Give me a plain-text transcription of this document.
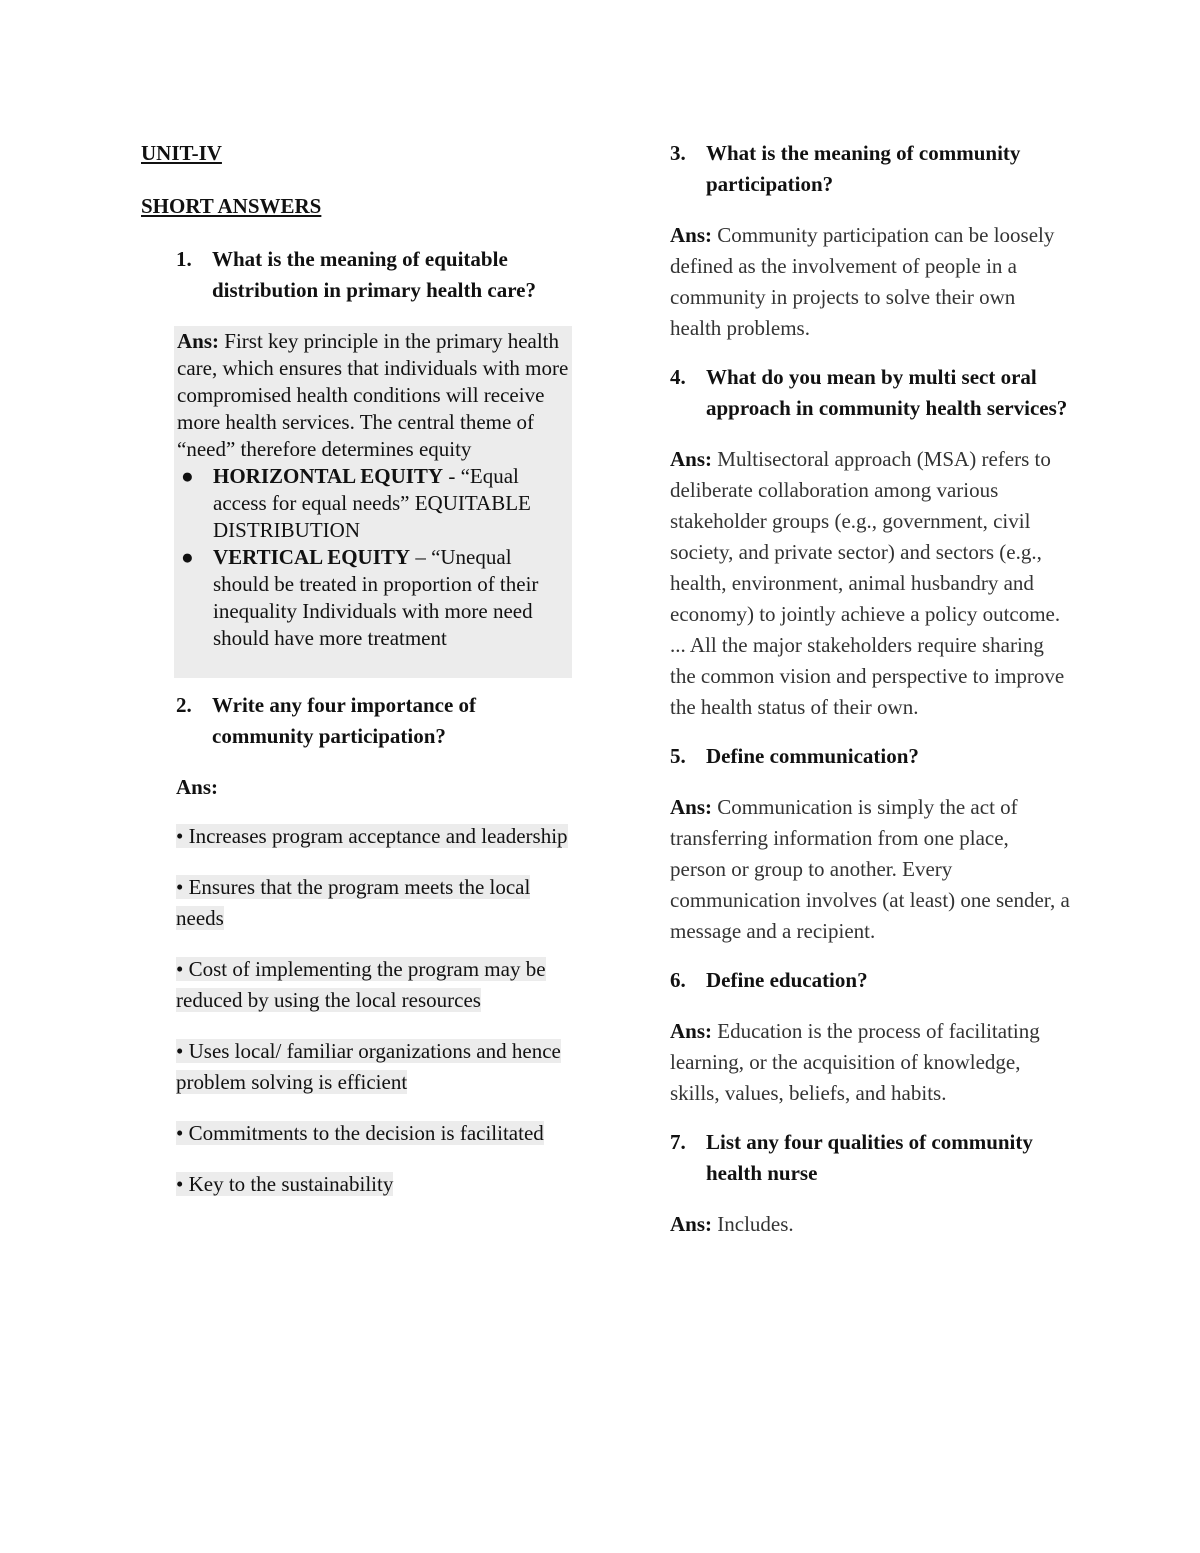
UNIT-IV
SHORT ANSWERS
1. What is the meaning of equitable distribution in primary health care?
Ans: First key principle in the primary health care, which ensures that individuals with more compromised health conditions will receive more health services. The central theme of “need” therefore determines equity
● HORIZONTAL EQUITY - “Equal access for equal needs” EQUITABLE DISTRIBUTION
● VERTICAL EQUITY – “Unequal should be treated in proportion of their inequality Individuals with more need should have more treatment
2. Write any four importance of community participation?
Ans:
• Increases program acceptance and leadership
• Ensures that the program meets the local needs
• Cost of implementing the program may be reduced by using the local resources
• Uses local/ familiar organizations and hence problem solving is efficient
• Commitments to the decision is facilitated
• Key to the sustainability
3. What is the meaning of community participation?
Ans: Community participation can be loosely defined as the involvement of people in a community in projects to solve their own health problems.
4. What do you mean by multi sect oral approach in community health services?
Ans: Multisectoral approach (MSA) refers to deliberate collaboration among various stakeholder groups (e.g., government, civil society, and private sector) and sectors (e.g., health, environment, animal husbandry and economy) to jointly achieve a policy outcome. ... All the major stakeholders require sharing the common vision and perspective to improve the health status of their own.
5. Define communication?
Ans: Communication is simply the act of transferring information from one place, person or group to another. Every communication involves (at least) one sender, a message and a recipient.
6. Define education?
Ans: Education is the process of facilitating learning, or the acquisition of knowledge, skills, values, beliefs, and habits.
7. List any four qualities of community health nurse
Ans: Includes.
